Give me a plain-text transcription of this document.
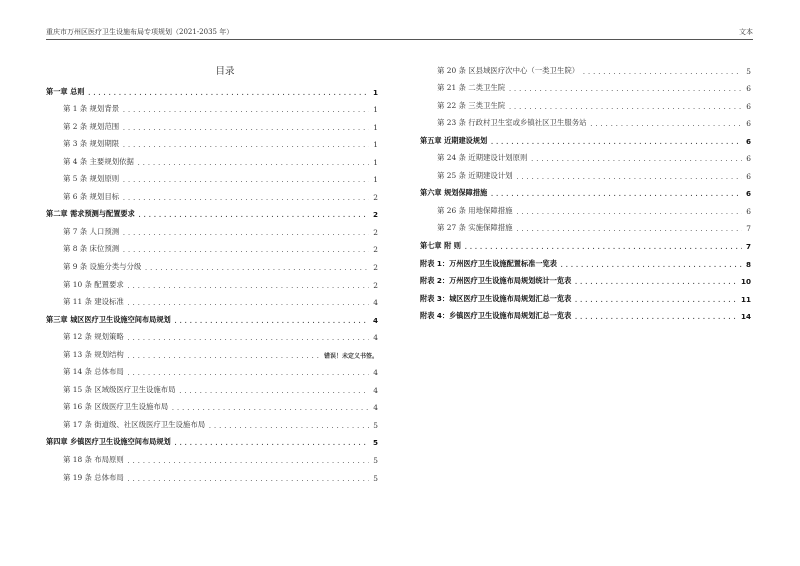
重庆市万州区医疗卫生设施布局专项规划（2021-2035 年）	文本
目录
第一章 总则 .....	1
第 1 条 规划背景 .....	1
第 2 条 规划范围 .....	1
第 3 条 规划期限 .....	1
第 4 条 主要规划依据 .....	1
第 5 条 规划原则 .....	1
第 6 条 规划目标 .....	2
第二章 需求预测与配置要求 .....	2
第 7 条 人口预测 .....	2
第 8 条 床位预测 .....	2
第 9 条 设施分类与分级 .....	2
第 10 条 配置要求 .....	2
第 11 条 建设标准 .....	4
第三章 城区医疗卫生设施空间布局规划 .....	4
第 12 条 规划策略 .....	4
第 13 条 规划结构 .....	错误！未定义书签。
第 14 条 总体布局 .....	4
第 15 条 区域级医疗卫生设施布局 .....	4
第 16 条 区级医疗卫生设施布局 .....	4
第 17 条 街道级、社区级医疗卫生设施布局 .....	5
第四章 乡镇医疗卫生设施空间布局规划 .....	5
第 18 条 布局原则 .....	5
第 19 条 总体布局 .....	5
第 20 条 区县域医疗次中心（一类卫生院） .....	5
第 21 条 二类卫生院 .....	6
第 22 条 三类卫生院 .....	6
第 23 条 行政村卫生室或乡镇社区卫生服务站 .....	6
第五章 近期建设规划 .....	6
第 24 条 近期建设计划原则 .....	6
第 25 条 近期建设计划 .....	6
第六章 规划保障措施 .....	6
第 26 条 用地保障措施 .....	6
第 27 条 实施保障措施 .....	7
第七章 附 则 .....	7
附表 1：万州医疗卫生设施配置标准一览表 .....	8
附表 2：万州医疗卫生设施布局规划统计一览表 .....	10
附表 3：城区医疗卫生设施布局规划汇总一览表 .....	11
附表 4：乡镇医疗卫生设施布局规划汇总一览表 .....	14
